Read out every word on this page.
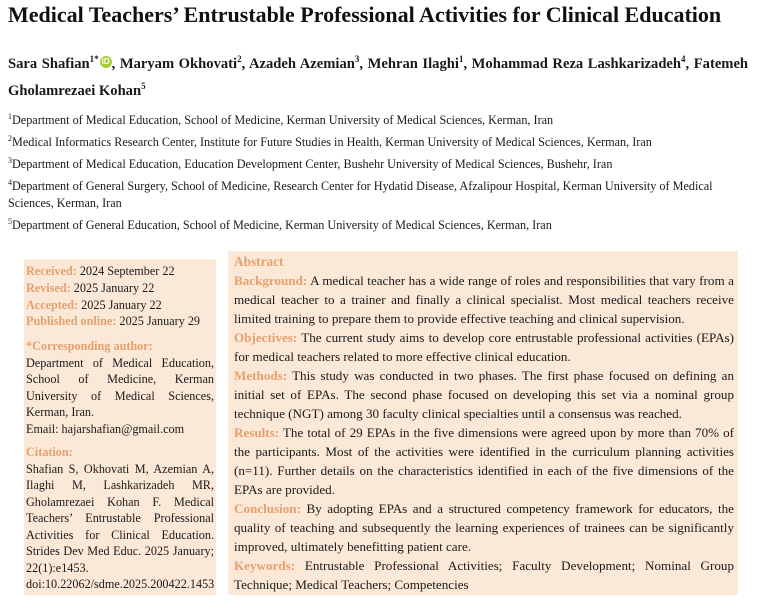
Medical Teachers’ Entrustable Professional Activities for Clinical Education
Sara Shafian$^{1*}$ iD , Maryam Okhovati$^2$, Azadeh Azemian$^3$, Mehran Ilaghi$^1$, Mohammad Reza Lashkarizadeh$^4$, Fatemeh Gholamrezaei Kohan$^5$
$^1$Department of Medical Education, School of Medicine, Kerman University of Medical Sciences, Kerman, Iran
$^2$Medical Informatics Research Center, Institute for Future Studies in Health, Kerman University of Medical Sciences, Kerman, Iran
$^3$Department of Medical Education, Education Development Center, Bushehr University of Medical Sciences, Bushehr, Iran
$^4$Department of General Surgery, School of Medicine, Research Center for Hydatid Disease, Afzalipour Hospital, Kerman University of Medical Sciences, Kerman, Iran
$^5$Department of General Education, School of Medicine, Kerman University of Medical Sciences, Kerman, Iran
Received: 2024 September 22
Revised: 2025 January 22
Accepted: 2025 January 22
Published online: 2025 January 29
*Corresponding author:
Department of Medical Education, School of Medicine, Kerman University of Medical Sciences, Kerman, Iran.
Email: hajarshafian@gmail.com
Citation:
Shafian S, Okhovati M, Azemian A, Ilaghi M, Lashkarizadeh MR, Gholamrezaei Kohan F. Medical Teachers’ Entrustable Professional Activities for Clinical Education. Strides Dev Med Educ. 2025 January; 22(1):e1453. doi:10.22062/sdme.2025.200422.1453
Abstract
Background: A medical teacher has a wide range of roles and responsibilities that vary from a medical teacher to a trainer and finally a clinical specialist. Most medical teachers receive limited training to prepare them to provide effective teaching and clinical supervision.
Objectives: The current study aims to develop core entrustable professional activities (EPAs) for medical teachers related to more effective clinical education.
Methods: This study was conducted in two phases. The first phase focused on defining an initial set of EPAs. The second phase focused on developing this set via a nominal group technique (NGT) among 30 faculty clinical specialties until a consensus was reached.
Results: The total of 29 EPAs in the five dimensions were agreed upon by more than 70% of the participants. Most of the activities were identified in the curriculum planning activities (n=11). Further details on the characteristics identified in each of the five dimensions of the EPAs are provided.
Conclusion: By adopting EPAs and a structured competency framework for educators, the quality of teaching and subsequently the learning experiences of trainees can be significantly improved, ultimately benefitting patient care.
Keywords: Entrustable Professional Activities; Faculty Development; Nominal Group Technique; Medical Teachers; Competencies
